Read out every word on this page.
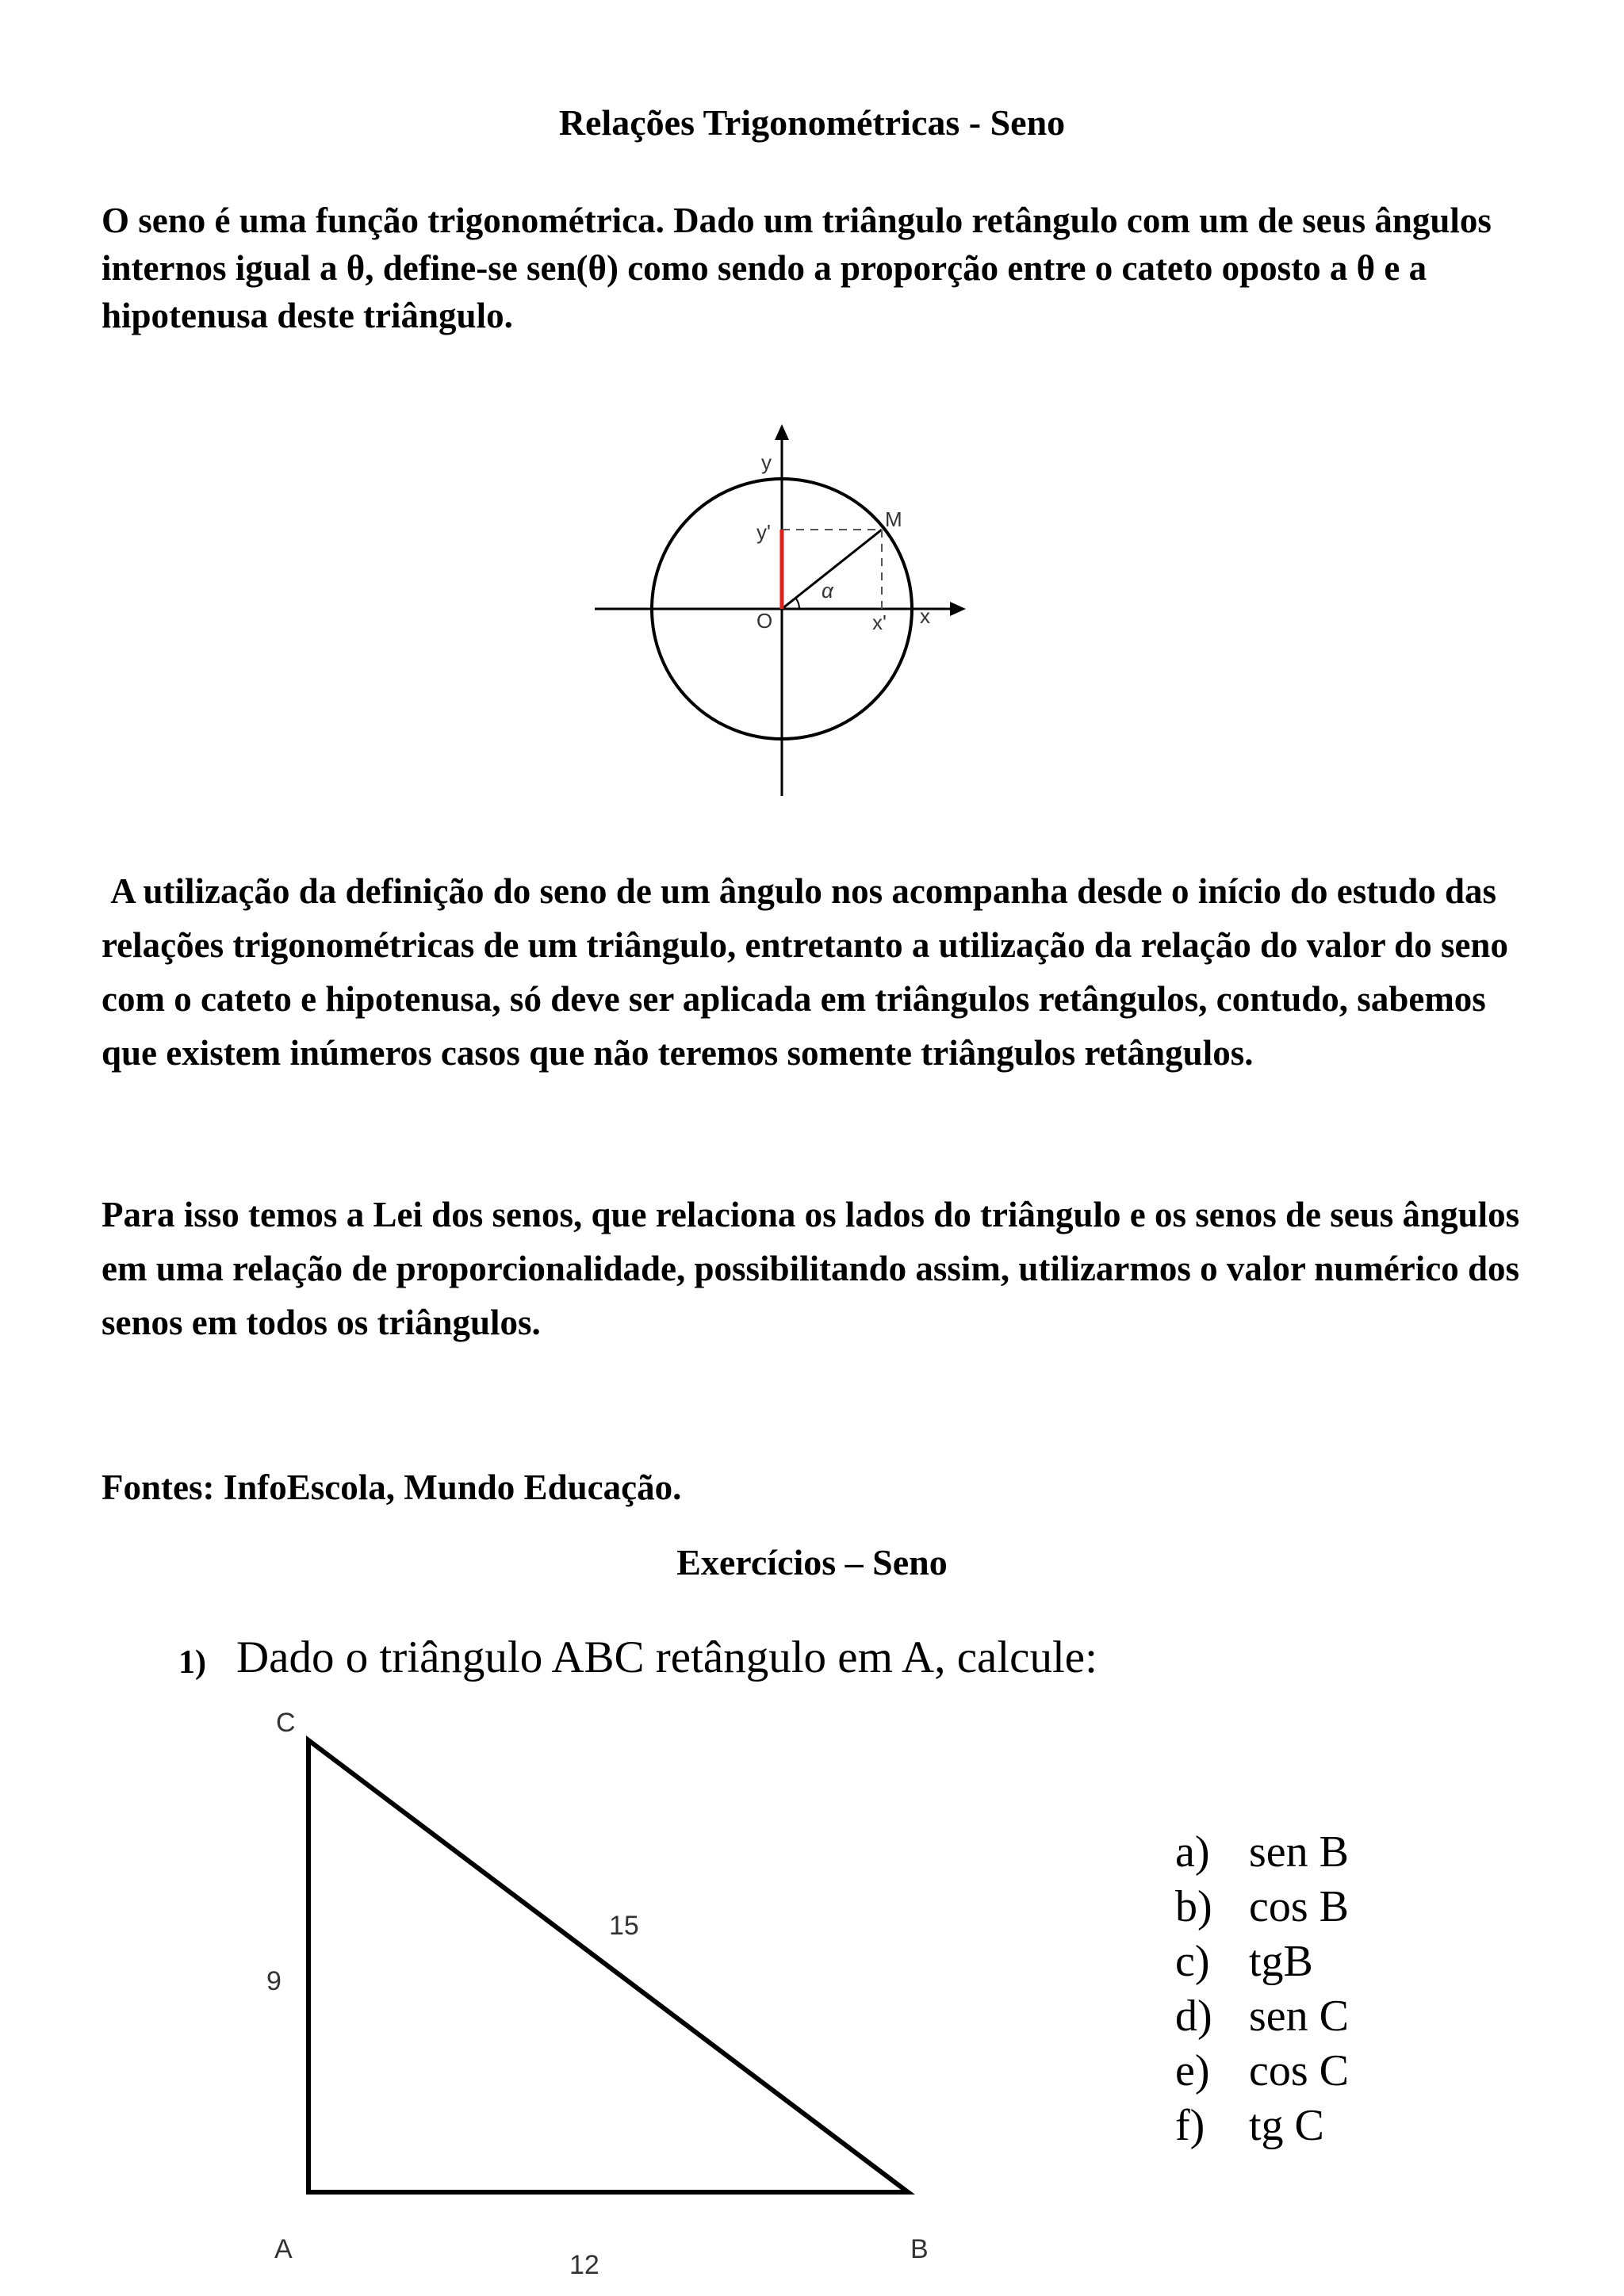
Relações Trigonométricas - Seno

O seno é uma função trigonométrica. Dado um triângulo retângulo com um de seus ângulos internos igual a θ, define-se sen(θ) como sendo a proporção entre o cateto oposto a θ e a hipotenusa deste triângulo.

y
y'
M
α
O	x' x

A utilização da definição do seno de um ângulo nos acompanha desde o início do estudo das relações trigonométricas de um triângulo, entretanto a utilização da relação do valor do seno com o cateto e hipotenusa, só deve ser aplicada em triângulos retângulos, contudo, sabemos que existem inúmeros casos que não teremos somente triângulos retângulos.

Para isso temos a Lei dos senos, que relaciona os lados do triângulo e os senos de seus ângulos em uma relação de proporcionalidade, possibilitando assim, utilizarmos o valor numérico dos senos em todos os triângulos.

Fontes: InfoEscola, Mundo Educação.

Exercícios – Seno
1) Dado o triângulo ABC retângulo em A, calcule:
C
A	B
9
12
15
a) sen B
b) cos B
c) tgB
d) sen C
e) cos C
f) tg C
